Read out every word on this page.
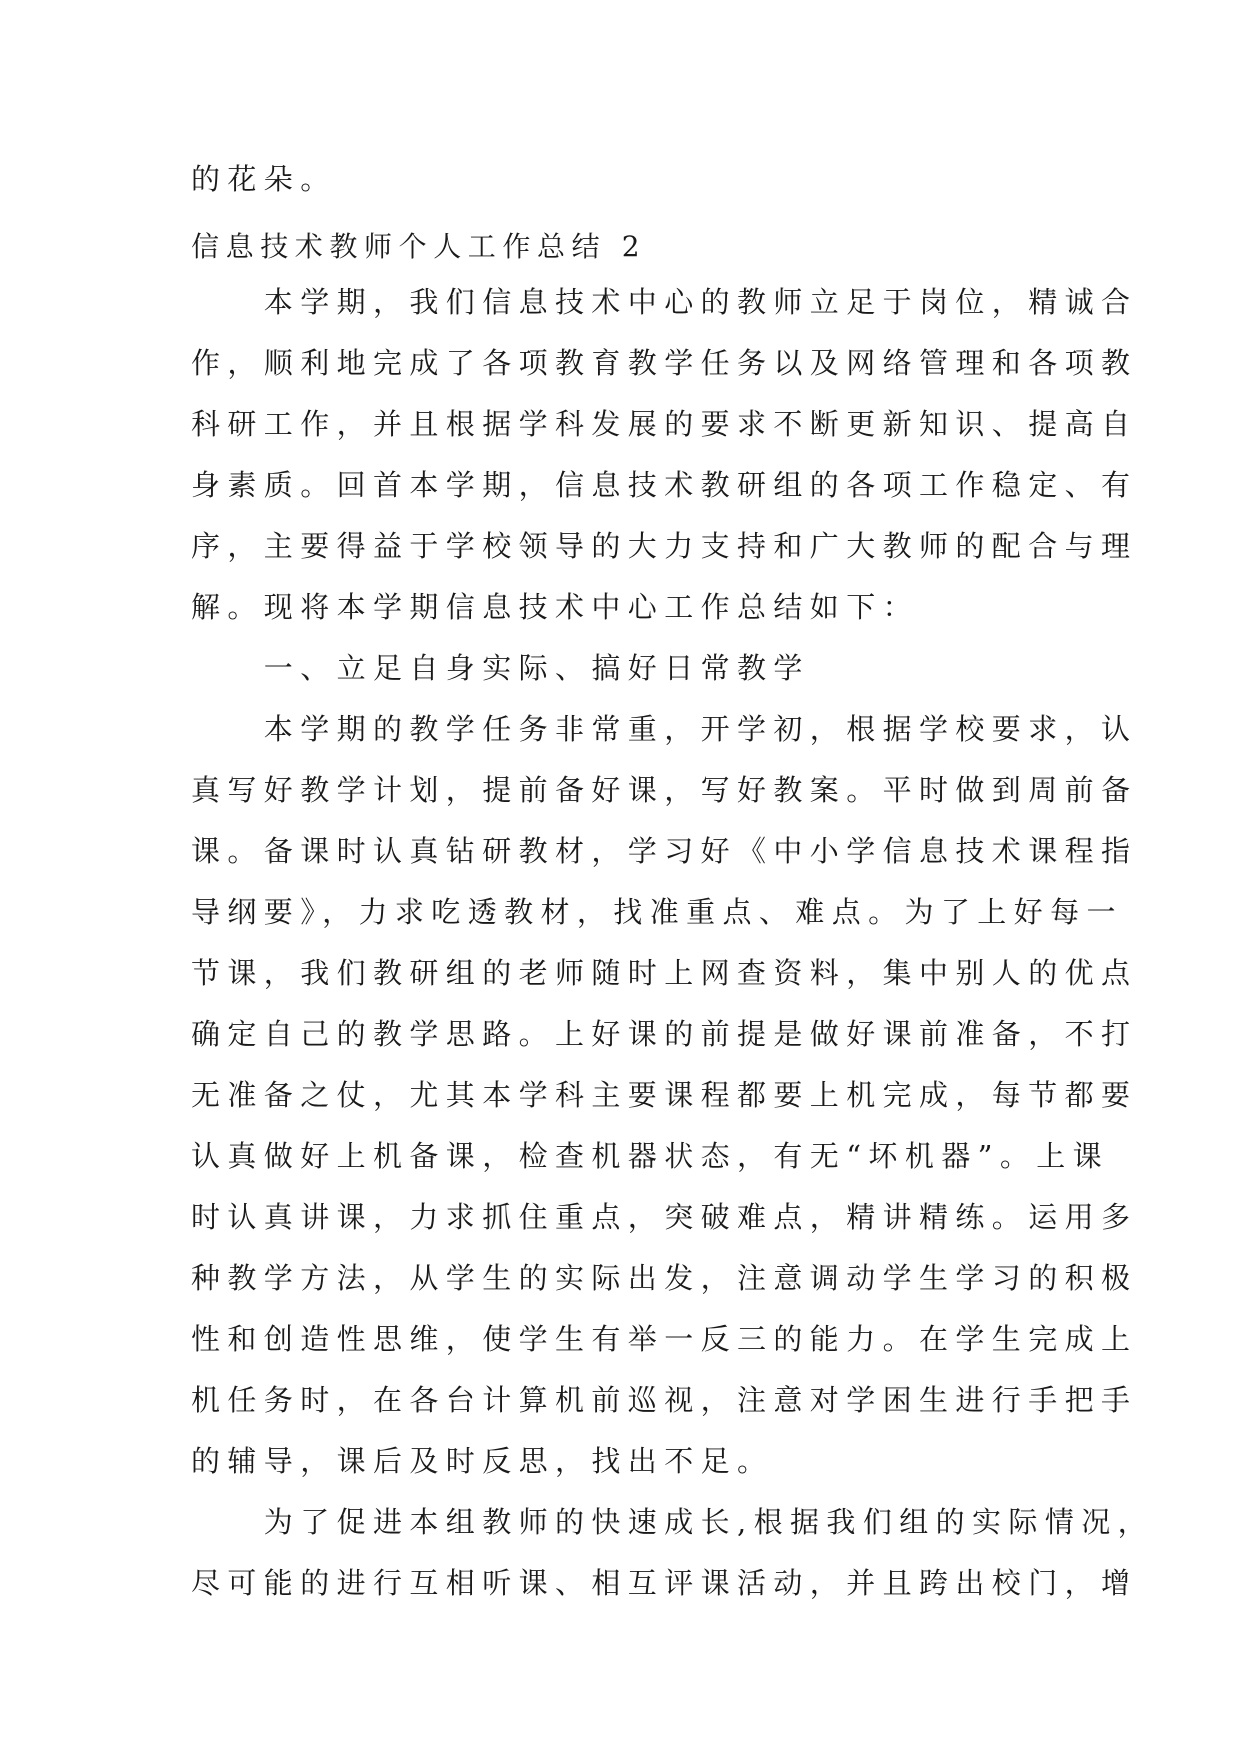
的花朵。
信息技术教师个人工作总结 2
　　本学期，我们信息技术中心的教师立足于岗位，精诚合
作，顺利地完成了各项教育教学任务以及网络管理和各项教
科研工作，并且根据学科发展的要求不断更新知识、提高自
身素质。回首本学期，信息技术教研组的各项工作稳定、有
序，主要得益于学校领导的大力支持和广大教师的配合与理
解。现将本学期信息技术中心工作总结如下：
　　一、立足自身实际、搞好日常教学
　　本学期的教学任务非常重，开学初，根据学校要求，认
真写好教学计划，提前备好课，写好教案。平时做到周前备
课。备课时认真钻研教材，学习好《中小学信息技术课程指
导纲要》，力求吃透教材，找准重点、难点。为了上好每一
节课，我们教研组的老师随时上网查资料，集中别人的优点
确定自己的教学思路。上好课的前提是做好课前准备，不打
无准备之仗，尤其本学科主要课程都要上机完成，每节都要
认真做好上机备课，检查机器状态，有无“坏机器”。上课
时认真讲课，力求抓住重点，突破难点，精讲精练。运用多
种教学方法，从学生的实际出发，注意调动学生学习的积极
性和创造性思维，使学生有举一反三的能力。在学生完成上
机任务时，在各台计算机前巡视，注意对学困生进行手把手
的辅导，课后及时反思，找出不足。
　　为了促进本组教师的快速成长,根据我们组的实际情况，
尽可能的进行互相听课、相互评课活动，并且跨出校门，增
